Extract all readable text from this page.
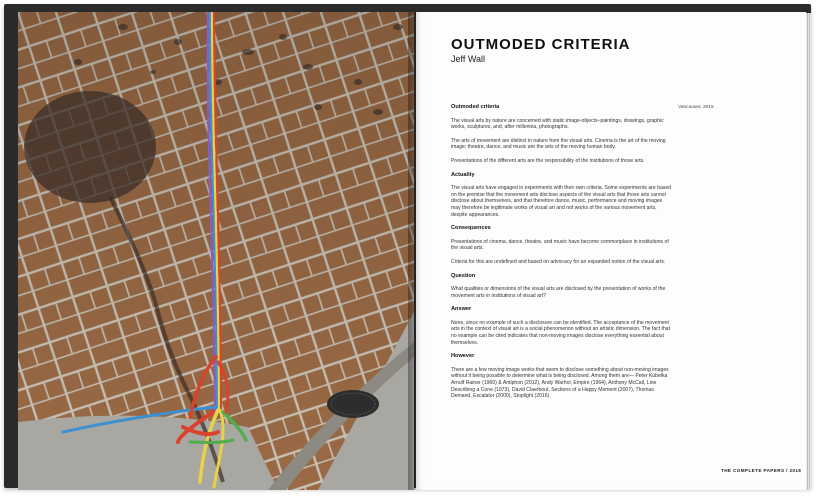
OUTMODED CRITERIA

Jeff Wall

Vancouver, 2015
Outmoded criteria

The visual arts by nature are concerned with static image-objects–paintings, drawings, graphic works, sculptures, and, after millennia, photographs.

The arts of movement are distinct in nature from the visual arts. Cinema is the art of the moving image; theatre, dance, and music are the arts of the moving human body.

Presentations of the different arts are the responsibility of the institutions of those arts.

Actuality

The visual arts have engaged in experiments with their own criteria. Some experiments are based on the premise that the movement arts disclose aspects of the visual arts that those arts cannot disclose about themselves, and that therefore dance, music, performance and moving images may therefore be legitimate works of visual art and not works of the various movement arts, despite appearances.

Consequences

Presentations of cinema, dance, theatre, and music have become commonplace in institutions of the visual arts.

Criteria for this are undefined and based on advocacy for an expanded notion of the visual arts.

Question

What qualities or dimensions of the visual arts are disclosed by the presentation of works of the movement arts in institutions of visual art?

Answer

None, since no example of such a disclosure can be identified. The acceptance of the movement arts in the context of visual art is a social phenomenon without an artistic dimension. The fact that no example can be cited indicates that non-moving images disclose everything essential about themselves.

However

There are a few moving image works that seem to disclose something about non-moving images without it being possible to determine what is being disclosed. Among them are— Peter Kubelka Arnulf Rainer (1960) & Antiphon (2012), Andy Warhol, Empire (1964), Anthony McCall, Line Describing a Cone (1973), David Claerbout, Sections of a Happy Moment (2007), Thomas Demand, Escalator (2000), Stoplight (2016).

THE COMPLETE PAPERS / 2018
